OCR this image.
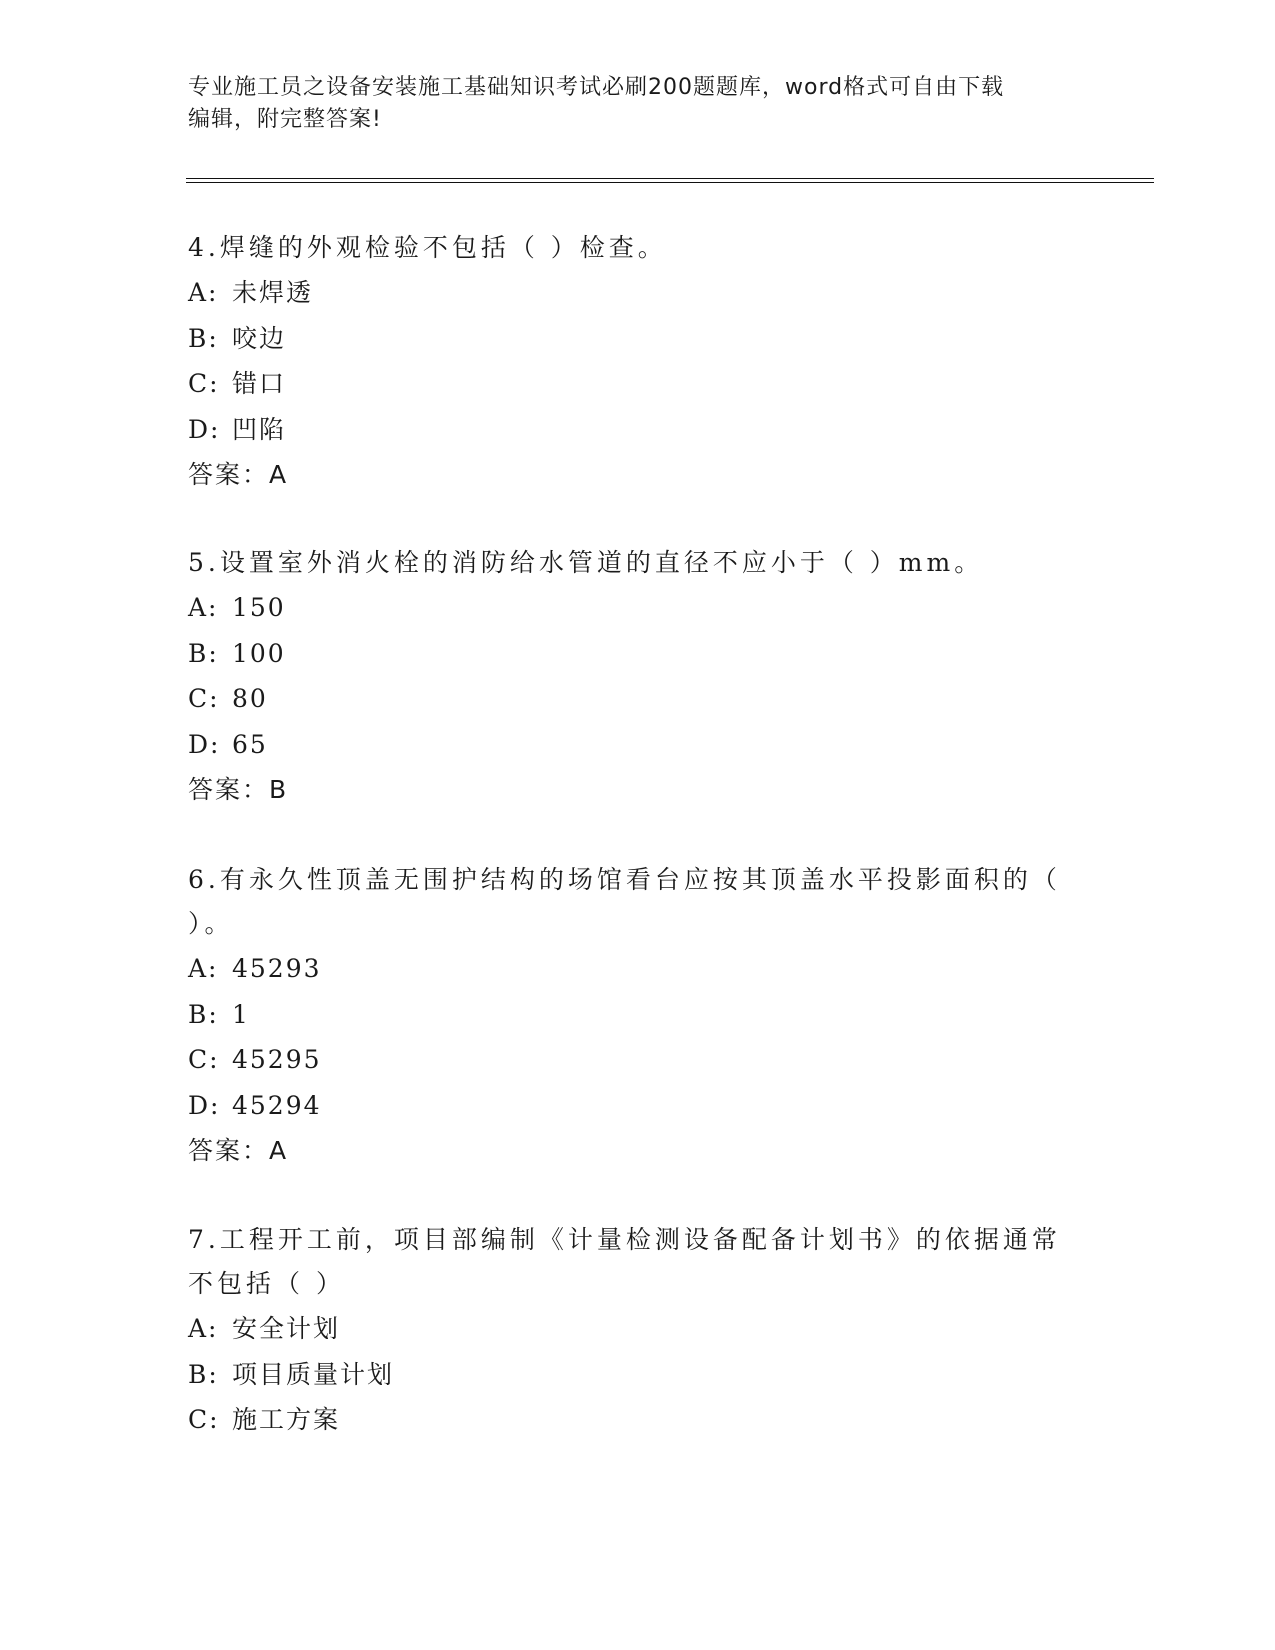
专业施工员之设备安装施工基础知识考试必刷200题题库，word格式可自由下载
编辑，附完整答案!

4.焊缝的外观检验不包括（ ）检查。

A: 未焊透

B: 咬边

C: 错口

D: 凹陷

答案：A

5.设置室外消火栓的消防给水管道的直径不应小于（ ）mm。

A: 150

B: 100

C: 80

D: 65

答案：B

6.有永久性顶盖无围护结构的场馆看台应按其顶盖水平投影面积的（ ）。

A: 45293

B: 1

C: 45295

D: 45294

答案：A

7.工程开工前，项目部编制《计量检测设备配备计划书》的依据通常不包括（ ）

A: 安全计划

B: 项目质量计划

C: 施工方案
